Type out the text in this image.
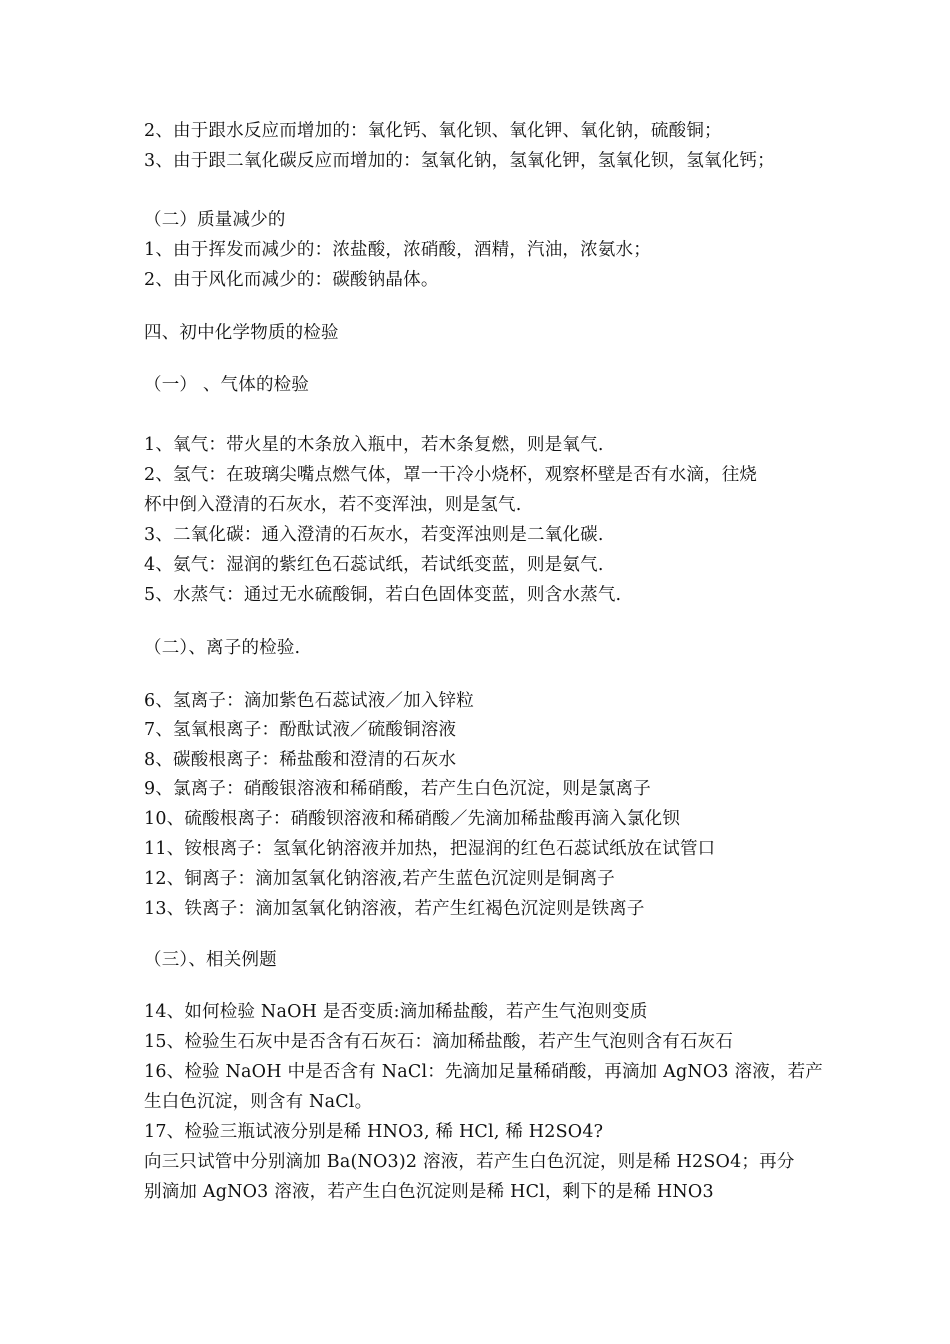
2、由于跟水反应而增加的：氧化钙、氧化钡、氧化钾、氧化钠，硫酸铜；
3、由于跟二氧化碳反应而增加的：氢氧化钠，氢氧化钾，氢氧化钡，氢氧化钙；
（二）质量减少的
1、由于挥发而减少的：浓盐酸，浓硝酸，酒精，汽油，浓氨水；
2、由于风化而减少的：碳酸钠晶体。
四、初中化学物质的检验
（一） 、气体的检验
1、氧气：带火星的木条放入瓶中，若木条复燃，则是氧气.
2、氢气：在玻璃尖嘴点燃气体，罩一干冷小烧杯，观察杯壁是否有水滴，往烧
杯中倒入澄清的石灰水，若不变浑浊，则是氢气.
3、二氧化碳：通入澄清的石灰水，若变浑浊则是二氧化碳.
4、氨气：湿润的紫红色石蕊试纸，若试纸变蓝，则是氨气.
5、水蒸气：通过无水硫酸铜，若白色固体变蓝，则含水蒸气.
（二）、离子的检验.
6、氢离子：滴加紫色石蕊试液／加入锌粒
7、氢氧根离子：酚酞试液／硫酸铜溶液
8、碳酸根离子：稀盐酸和澄清的石灰水
9、氯离子：硝酸银溶液和稀硝酸，若产生白色沉淀，则是氯离子
10、硫酸根离子：硝酸钡溶液和稀硝酸／先滴加稀盐酸再滴入氯化钡
11、铵根离子：氢氧化钠溶液并加热，把湿润的红色石蕊试纸放在试管口
12、铜离子：滴加氢氧化钠溶液,若产生蓝色沉淀则是铜离子
13、铁离子：滴加氢氧化钠溶液，若产生红褐色沉淀则是铁离子
（三）、相关例题
14、如何检验 NaOH 是否变质:滴加稀盐酸，若产生气泡则变质
15、检验生石灰中是否含有石灰石：滴加稀盐酸，若产生气泡则含有石灰石
16、检验 NaOH 中是否含有 NaCl：先滴加足量稀硝酸，再滴加 AgNO3 溶液，若产
生白色沉淀，则含有 NaCl。
17、检验三瓶试液分别是稀 HNO3, 稀 HCl, 稀 H2SO4?
向三只试管中分别滴加 Ba(NO3)2 溶液，若产生白色沉淀，则是稀 H2SO4；再分
别滴加 AgNO3 溶液，若产生白色沉淀则是稀 HCl，剩下的是稀 HNO3
